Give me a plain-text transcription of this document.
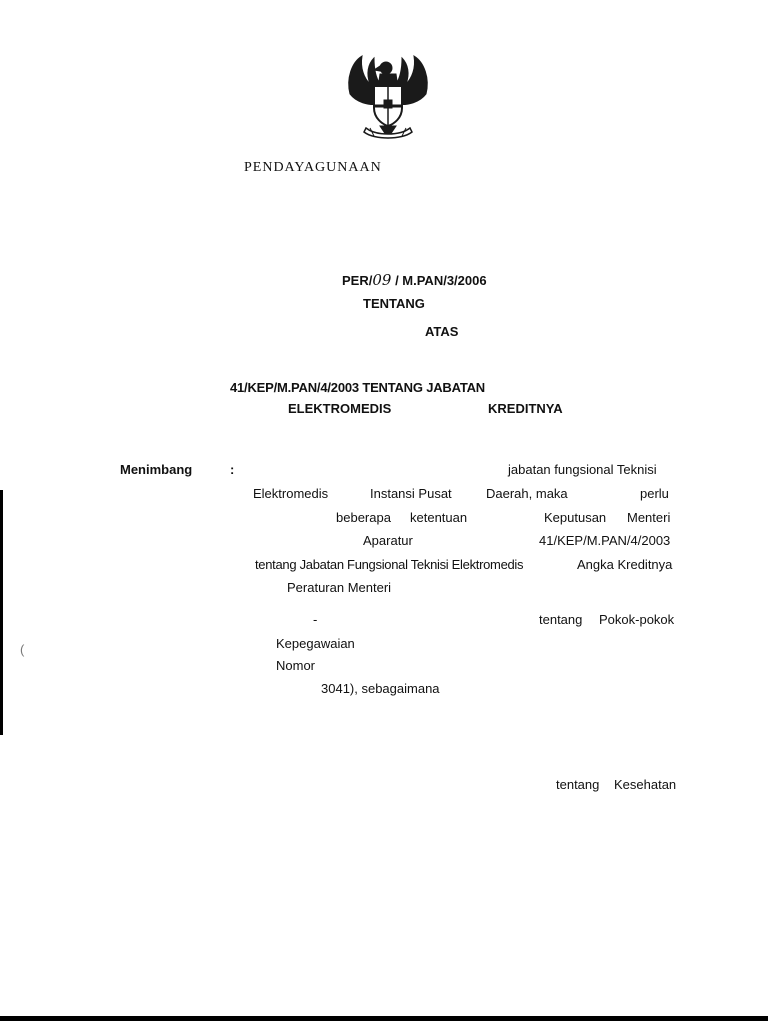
PENDAYAGUNAAN
PER/09 / M.PAN/3/2006
TENTANG
ATAS
41/KEP/M.PAN/4/2003 TENTANG JABATAN
ELEKTROMEDIS	KREDITNYA
Menimbang	:	jabatan fungsional Teknisi
Elektromedis	Instansi Pusat	Daerah, maka	perlu
beberapa ketentuan	Keputusan Menteri
Aparatur	41/KEP/M.PAN/4/2003
tentang Jabatan Fungsional Teknisi Elektromedis	Angka Kreditnya
Peraturan Menteri
-	tentang Pokok-pokok
Kepegawaian
Nomor
3041), sebagaimana
tentang Kesehatan
(
